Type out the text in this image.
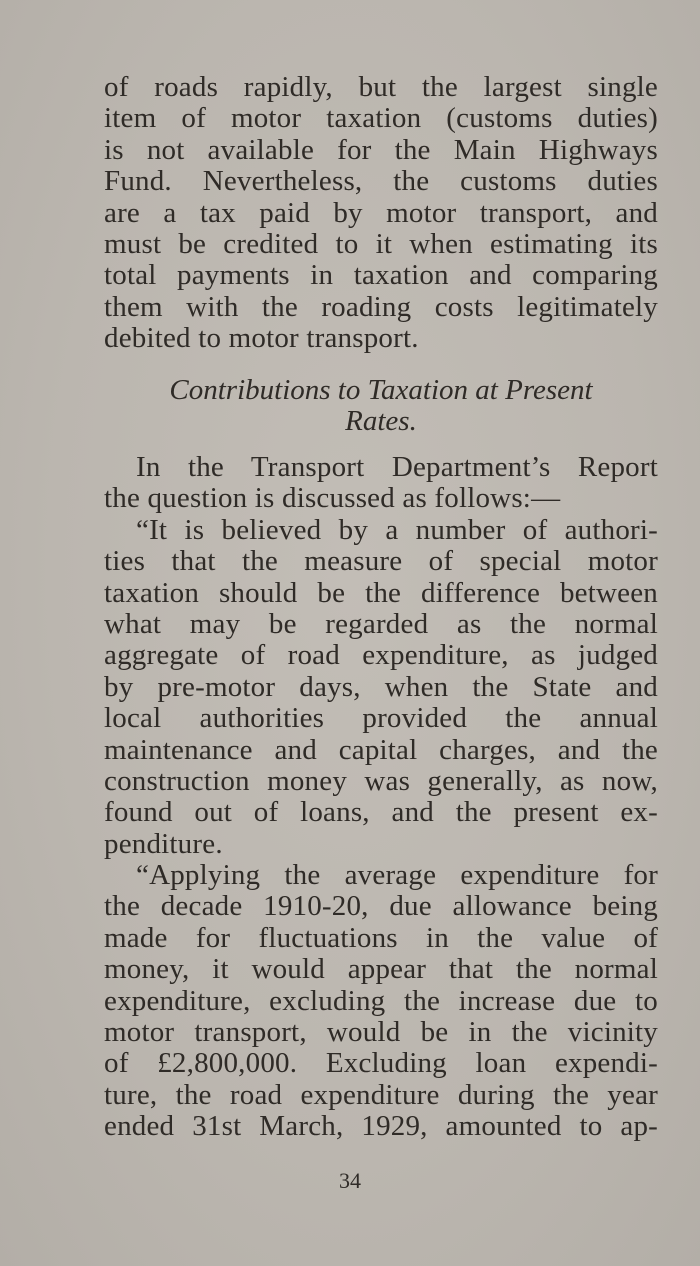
of roads rapidly, but the largest single
item of motor taxation (customs duties)
is not available for the Main Highways
Fund. Nevertheless, the customs duties
are a tax paid by motor transport, and
must be credited to it when estimating its
total payments in taxation and comparing
them with the roading costs legitimately
debited to motor transport.
Contributions to Taxation at Present
Rates.
In the Transport Department’s Report
the question is discussed as follows:—
“It is believed by a number of authori-
ties that the measure of special motor
taxation should be the difference between
what may be regarded as the normal
aggregate of road expenditure, as judged
by pre-motor days, when the State and
local authorities provided the annual
maintenance and capital charges, and the
construction money was generally, as now,
found out of loans, and the present ex-
penditure.
“Applying the average expenditure for
the decade 1910-20, due allowance being
made for fluctuations in the value of
money, it would appear that the normal
expenditure, excluding the increase due to
motor transport, would be in the vicinity
of £2,800,000. Excluding loan expendi-
ture, the road expenditure during the year
ended 31st March, 1929, amounted to ap-
34
